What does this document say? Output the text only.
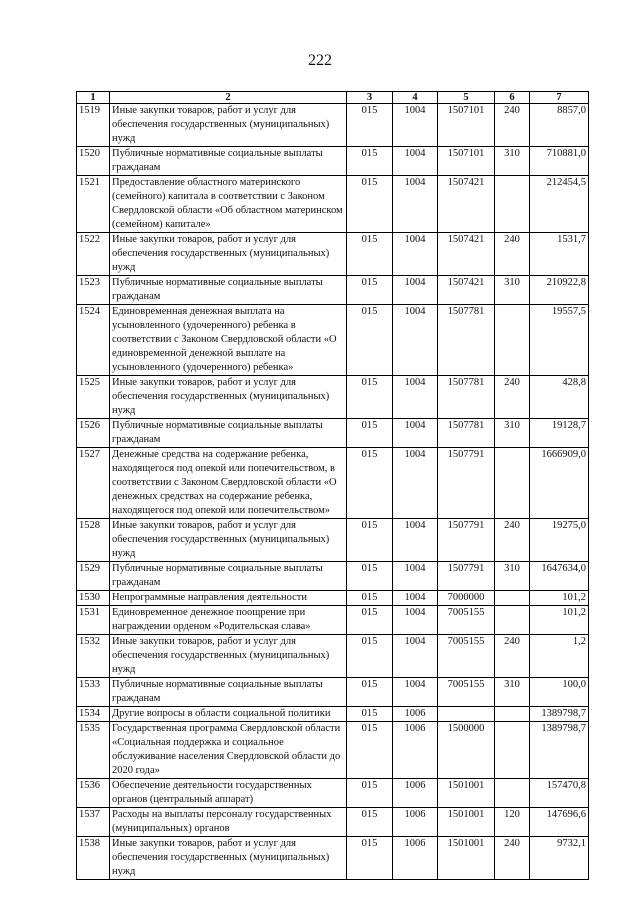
222
1	2	3	4	5	6	7
1519	Иные закупки товаров, работ и услуг для обеспечения государственных (муниципальных) нужд	015	1004	1507101	240	8857,0
1520	Публичные нормативные социальные выплаты гражданам	015	1004	1507101	310	710881,0
1521	Предоставление областного материнского (семейного) капитала в соответствии с Законом Свердловской области «Об областном материнском (семейном) капитале»	015	1004	1507421		212454,5
1522	Иные закупки товаров, работ и услуг для обеспечения государственных (муниципальных) нужд	015	1004	1507421	240	1531,7
1523	Публичные нормативные социальные выплаты гражданам	015	1004	1507421	310	210922,8
1524	Единовременная денежная выплата на усыновленного (удочеренного) ребенка в соответствии с Законом Свердловской области «О единовременной денежной выплате на усыновленного (удочеренного) ребенка»	015	1004	1507781		19557,5
1525	Иные закупки товаров, работ и услуг для обеспечения государственных (муниципальных) нужд	015	1004	1507781	240	428,8
1526	Публичные нормативные социальные выплаты гражданам	015	1004	1507781	310	19128,7
1527	Денежные средства на содержание ребенка, находящегося под опекой или попечительством, в соответствии с Законом Свердловской области «О денежных средствах на содержание ребенка, находящегося под опекой или попечительством»	015	1004	1507791		1666909,0
1528	Иные закупки товаров, работ и услуг для обеспечения государственных (муниципальных) нужд	015	1004	1507791	240	19275,0
1529	Публичные нормативные социальные выплаты гражданам	015	1004	1507791	310	1647634,0
1530	Непрограммные направления деятельности	015	1004	7000000		101,2
1531	Единовременное денежное поощрение при награждении орденом «Родительская слава»	015	1004	7005155		101,2
1532	Иные закупки товаров, работ и услуг для обеспечения государственных (муниципальных) нужд	015	1004	7005155	240	1,2
1533	Публичные нормативные социальные выплаты гражданам	015	1004	7005155	310	100,0
1534	Другие вопросы в области социальной политики	015	1006			1389798,7
1535	Государственная программа Свердловской области «Социальная поддержка и социальное обслуживание населения Свердловской области до 2020 года»	015	1006	1500000		1389798,7
1536	Обеспечение деятельности государственных органов (центральный аппарат)	015	1006	1501001		157470,8
1537	Расходы на выплаты персоналу государственных (муниципальных) органов	015	1006	1501001	120	147696,6
1538	Иные закупки товаров, работ и услуг для обеспечения государственных (муниципальных) нужд	015	1006	1501001	240	9732,1
